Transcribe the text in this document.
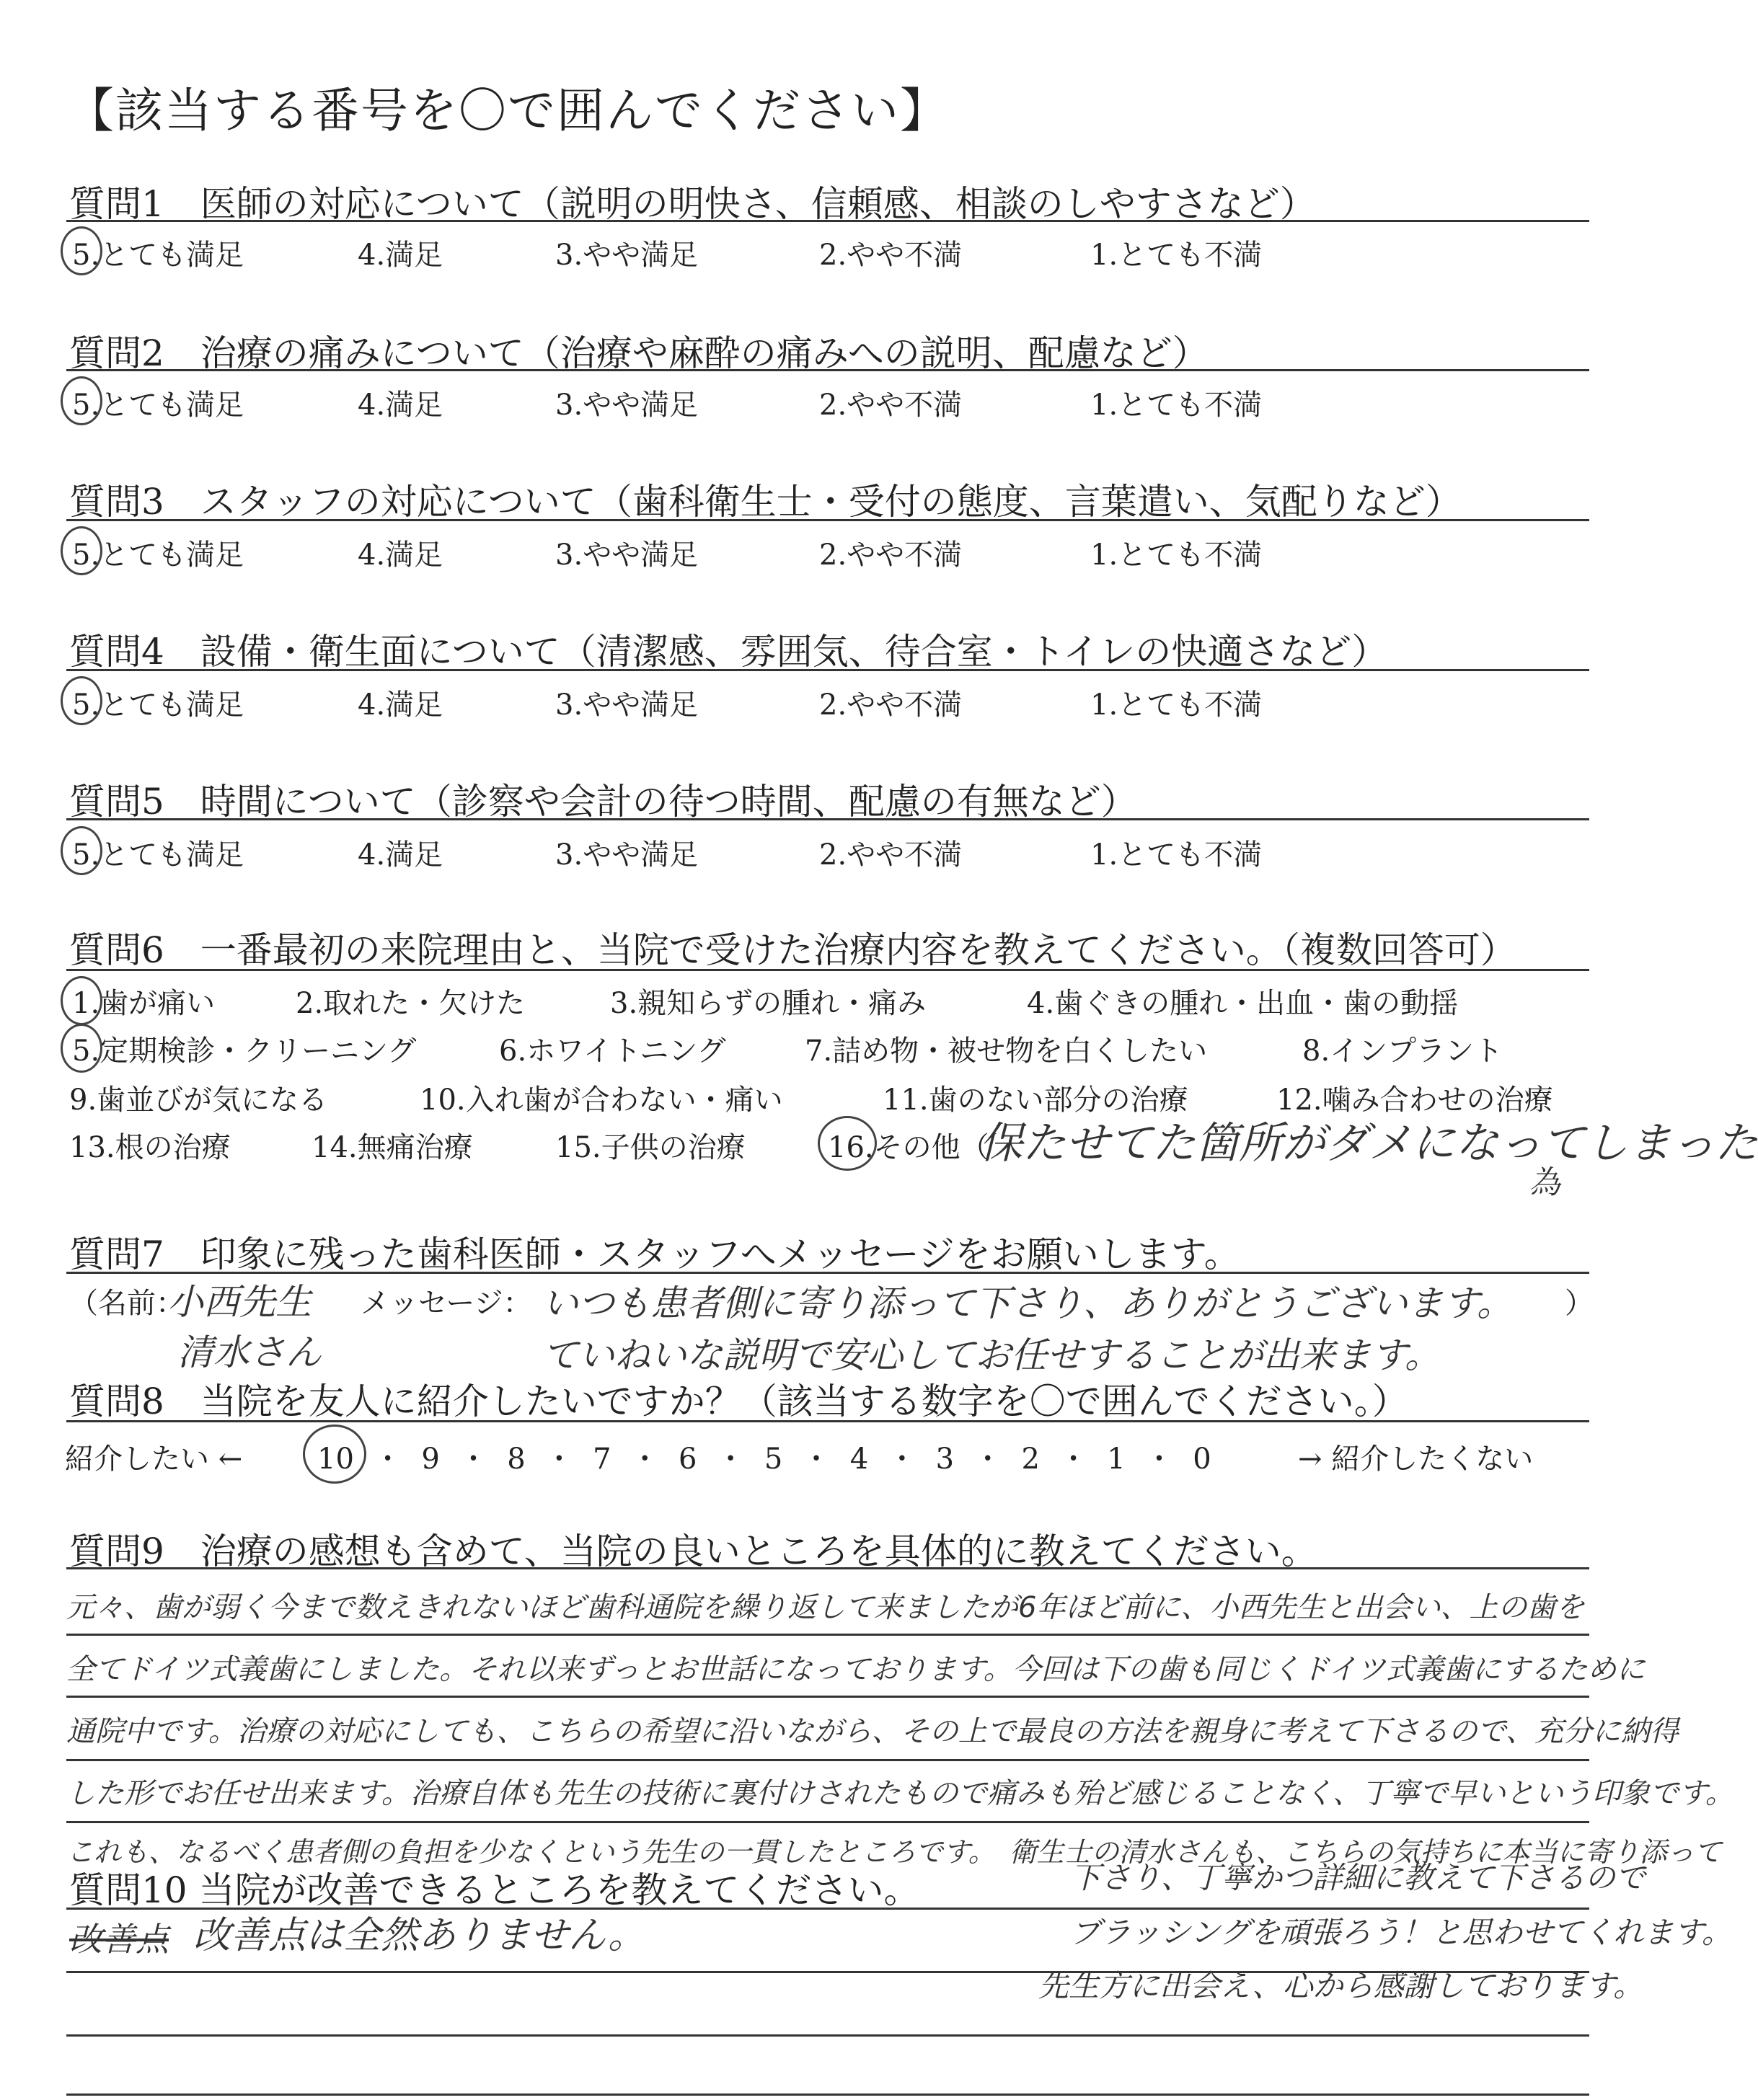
【該当する番号を〇で囲んでください】
質問1　医師の対応について（説明の明快さ、信頼感、相談のしやすさなど）
5.とても満足	4.満足	3.やや満足	2.やや不満	1.とても不満
質問2　治療の痛みについて（治療や麻酔の痛みへの説明、配慮など）
5.とても満足	4.満足	3.やや満足	2.やや不満	1.とても不満
質問3　スタッフの対応について（歯科衛生士・受付の態度、言葉遣い、気配りなど）
5.とても満足	4.満足	3.やや満足	2.やや不満	1.とても不満
質問4　設備・衛生面について（清潔感、雰囲気、待合室・トイレの快適さなど）
5.とても満足	4.満足	3.やや満足	2.やや不満	1.とても不満
質問5　時間について（診察や会計の待つ時間、配慮の有無など）
5.とても満足	4.満足	3.やや満足	2.やや不満	1.とても不満
質問6　一番最初の来院理由と、当院で受けた治療内容を教えてください。（複数回答可）
1.歯が痛い	2.取れた・欠けた	3.親知らずの腫れ・痛み	4.歯ぐきの腫れ・出血・歯の動揺
5.定期検診・クリーニング	6.ホワイトニング	7.詰め物・被せ物を白くしたい	8.インプラント
9.歯並びが気になる	10.入れ歯が合わない・痛い	11.歯のない部分の治療	12.噛み合わせの治療
13.根の治療	14.無痛治療	15.子供の治療	16.その他（
保たせてた箇所がダメになってしまった
為
質問7　印象に残った歯科医師・スタッフへメッセージをお願いします。
（名前：	メッセージ：	）
小西先生
清水さん
いつも患者側に寄り添って下さり、ありがとうございます。
ていねいな説明で安心してお任せすることが出来ます。
質問8　当院を友人に紹介したいですか？（該当する数字を〇で囲んでください。）
紹介したい ←	10 ・ 9 ・ 8 ・ 7 ・ 6 ・ 5 ・ 4 ・ 3 ・ 2 ・ 1 ・ 0	→ 紹介したくない
質問9　治療の感想も含めて、当院の良いところを具体的に教えてください。
元々、歯が弱く今まで数えきれないほど歯科通院を繰り返して来ましたが6年ほど前に、小西先生と出会い、上の歯を
全てドイツ式義歯にしました。それ以来ずっとお世話になっております。今回は下の歯も同じくドイツ式義歯にするために
通院中です。治療の対応にしても、こちらの希望に沿いながら、その上で最良の方法を親身に考えて下さるので、充分に納得
した形でお任せ出来ます。治療自体も先生の技術に裏付けされたもので痛みも殆ど感じることなく、丁寧で早いという印象です。
これも、なるべく患者側の負担を少なくという先生の一貫したところです。　衛生士の清水さんも、こちらの気持ちに本当に寄り添って
質問10 当院が改善できるところを教えてください。
改善点 改善点は全然ありません。
下さり、丁寧かつ詳細に教えて下さるので
ブラッシングを頑張ろう！と思わせてくれます。
先生方に出会え、心から感謝しております。
